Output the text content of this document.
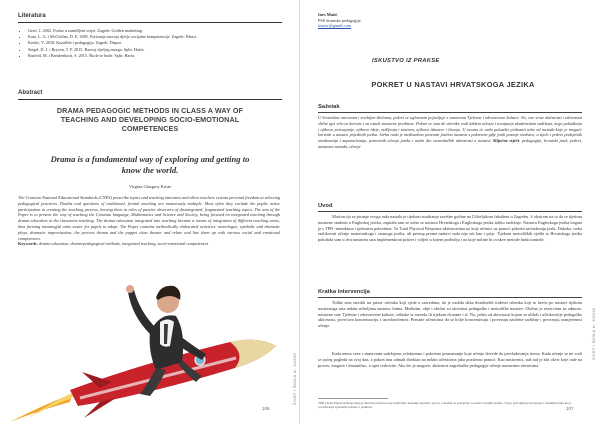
Literatura
• Grsić, I. 2002. Prolaz u zamišljeni svijet. Zagreb: Golden marketing.
• Katz, L. G. i McClellan, D. E. 2005. Poticanje razvoja dječje socijalne kompetencije. Zagreb: Educa.
• Krušić, V. 2018. Kazalište i pedagogija. Zagreb: Disput.
• Siegel, D. J. i Bryson, T. P. 2015. Razvoj dječjeg mozga. Split: Harfa.
• Rasfeld, M. i Breidenbach, S. 2015. Škole se bude. Split: Harfa.
Abstract
DRAMA PEDAGOGIC METHODS IN CLASS A WAY OF TEACHING AND DEVELOPING SOCIO-EMOTIONAL COMPETENCES
Drama is a fundamental way of exploring and getting to know the world.
Virgina Glasgow Koste
The Croatian National Educational Standards (CNES) prescribe topics and teaching outcomes and allow teachers certain personal freedom at selecting pedagogical practices. Doubts and questions of traditional, frontal teaching are numerously multiple. Most often they exclude the pupils active participation in creating the teaching process, leaving them in roles of passive observers of disintegrated, fragmented teaching topics. The aim of the Paper is to present the way of teaching the Croatian language, Mathematics and Science and Society, being focused on integrated teaching through drama education in the classroom teaching. The drama education integrated into teaching became a means of integration of different teaching areas, thus forming meaningful units easier for pupils to adopt. The Paper contains methodically elaborated activities: monologue, symbolic and dramatic plays, dramatic improvisation, the process drama and the puppet class theater and relate and line them up with various social and emotional competences.
Keywords: drama education, drama-pedagogical methods, integrated teaching, socio-emotional competences
106
ŽIVOT I ŠKOLA br. 3/2019.
Ines Matić
PSS dramske pedagogije
imatic@gmail.com
ISKUSTVO IZ PRAKSE
POKRET U NASTAVI HRVATSKOGA JEZIKA
Sažetak

U hrvatskim osnovnim i srednjim školama, pokret se uglavnom pojavljuje s nastavom Tjelesne i zdravstvene kulture. No, ove vrste aktivnosti i aktivnosti slične igri vrlo su korisne i za ostale nastavne predmete. Pokret se sam do učenike vodi lakšem učenju i usvajanju akademskim sadržaja, nego pohađanju i njihovo prisvajanje, njihovo ideje, mišljenja i stavova, njihovo iskustvo i čitanju. U ovomu će radu polazište prikazati neke od metoda koje je moguće koristiti u nastavi pojedinih jezika. Svrha rada je međusobno povezati jezičnu nastavu s pokretom gdje jezik postaje sredstvo, a tijelo i pokret podsjetnik izražavanja i zapamćivanja, pomoćnik učenja jezika i nužni dio stvaralačkih aktivnosti u nastavi. Ključne riječi: pedagogija, hrvatski jezik, pokret, nastavna metoda, učenje

Uvod

Motivacija za pisanje ovoga rada nastala je tijekom studiranja završne godine na Učiteljskom fakultetu u Zagrebu. S obzirom na to da se tijekom nastavne studenti u Engleskoj jeziku, zapitala sam se zašto se nastava Hrvatskoga i Engleskoga jezika toliko razlikuje. Nastava Engleskoga jezika bogata je s TPR -metodama i tjelesnim pokretima. Tu Total Physical Response aktivnostima uz koje učenici uz pomoć pokreta savladavaju jezik. Dakako, treba razlikovati učenje materinskoga i stranoga jezika, ali pristup prema nastavi sada nije isti kao i prije. Tijekom metodičkih vježbi iz Hrvatskoga jezika pokušala sam u dva nastavna sata implementirati pokret i vidjeti u kojem području i na koje načine bi ovakve metode funkcionirale.

Kratka intervencija

Tolike smo navikli na prizor učenika koji sjede u razredima, da je možda slika dvadesetih trideset učenika koji se kreću po nastavi tijekom nastavnoga sata nekim učiteljima nastavu čudna. Međutim, obje i obične su okvirima pedagoške i metodičke nastave. Obično je rezerviran za odmore, nastavne sate Tjelesne i zdravstvene kulture, odlaske iz razreda ili tijekom dvorane i sl. No, jedan od aktivnosti kojom se ublaži i učinkovitije pedagoške aktivnosti, povećava koncentraciju i usredotočenost. Pomaže učenicima da se bolje koncentriraju i povezuju naučene sadržaje i povezuju, usmjerenost učenje.

Kada nema veze s nastavnim sadržajem, relaksirano i pokretno posmatranje koje učenje dovede do prevladavanja stresa. Kada učenje se ne vodi iz općeg pogleda na svoj dan, a pokret ima odmah direktan na nekim učenicima jaku pozitivnu pomoć. Kao nastavnici, naš rad je biti okvir koje rade na proces, moguće i dinamično, a opet svrhovite. Ako što je moguće, aktivnost zagrebačke pedagogije učenje nastavnim učenicima.

TPR (Total Physical Response) je metoda nastave koja kombinira kretanje tijelom i govor, a koristi se ponajviše u nastavi stranih jezika. Cilj je poboljšanje usvajanja i razumijevanja kroz povezivanje tjelesnih pokreta s jezikom.	107
ŽIVOT I ŠKOLA br. 3/2019.
